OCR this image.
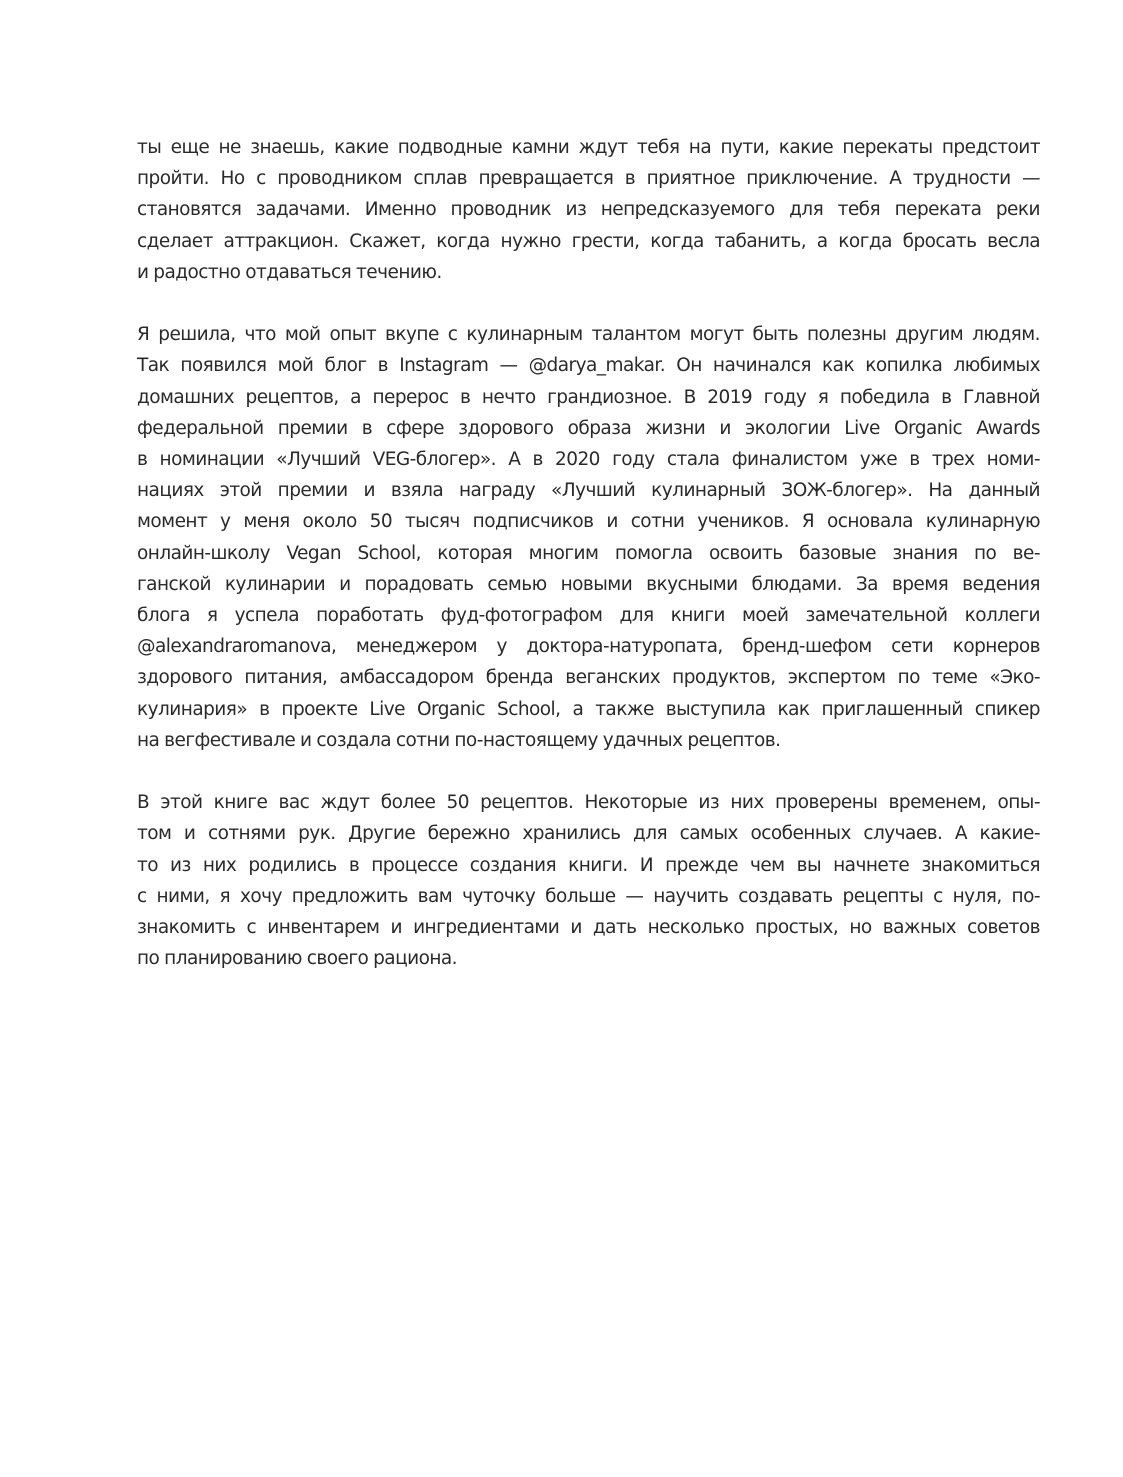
ты еще не знаешь, какие подводные камни ждут тебя на пути, какие перекаты предстоит
пройти. Но с проводником сплав превращается в приятное приключение. А трудности —
становятся задачами. Именно проводник из непредсказуемого для тебя переката реки
сделает аттракцион. Скажет, когда нужно грести, когда табанить, а когда бросать весла
и радостно отдаваться течению.

Я решила, что мой опыт вкупе с кулинарным талантом могут быть полезны другим людям.
Так появился мой блог в Instagram — @darya_makar. Он начинался как копилка любимых
домашних рецептов, а перерос в нечто грандиозное. В 2019 году я победила в Главной
федеральной премии в сфере здорового образа жизни и экологии Live Organic Awards
в номинации «Лучший VEG-блогер». А в 2020 году стала финалистом уже в трех номи-
нациях этой премии и взяла награду «Лучший кулинарный ЗОЖ-блогер». На данный
момент у меня около 50 тысяч подписчиков и сотни учеников. Я основала кулинарную
онлайн-школу Vegan School, которая многим помогла освоить базовые знания по ве-
ганской кулинарии и порадовать семью новыми вкусными блюдами. За время ведения
блога я успела поработать фуд-фотографом для книги моей замечательной коллеги
@alexandraromanova, менеджером у доктора-натуропата, бренд-шефом сети корнеров
здорового питания, амбассадором бренда веганских продуктов, экспертом по теме «Эко-
кулинария» в проекте Live Organic School, а также выступила как приглашенный спикер
на вегфестивале и создала сотни по-настоящему удачных рецептов.

В этой книге вас ждут более 50 рецептов. Некоторые из них проверены временем, опы-
том и сотнями рук. Другие бережно хранились для самых особенных случаев. А какие-
то из них родились в процессе создания книги. И прежде чем вы начнете знакомиться
с ними, я хочу предложить вам чуточку больше — научить создавать рецепты с нуля, по-
знакомить с инвентарем и ингредиентами и дать несколько простых, но важных советов
по планированию своего рациона.
